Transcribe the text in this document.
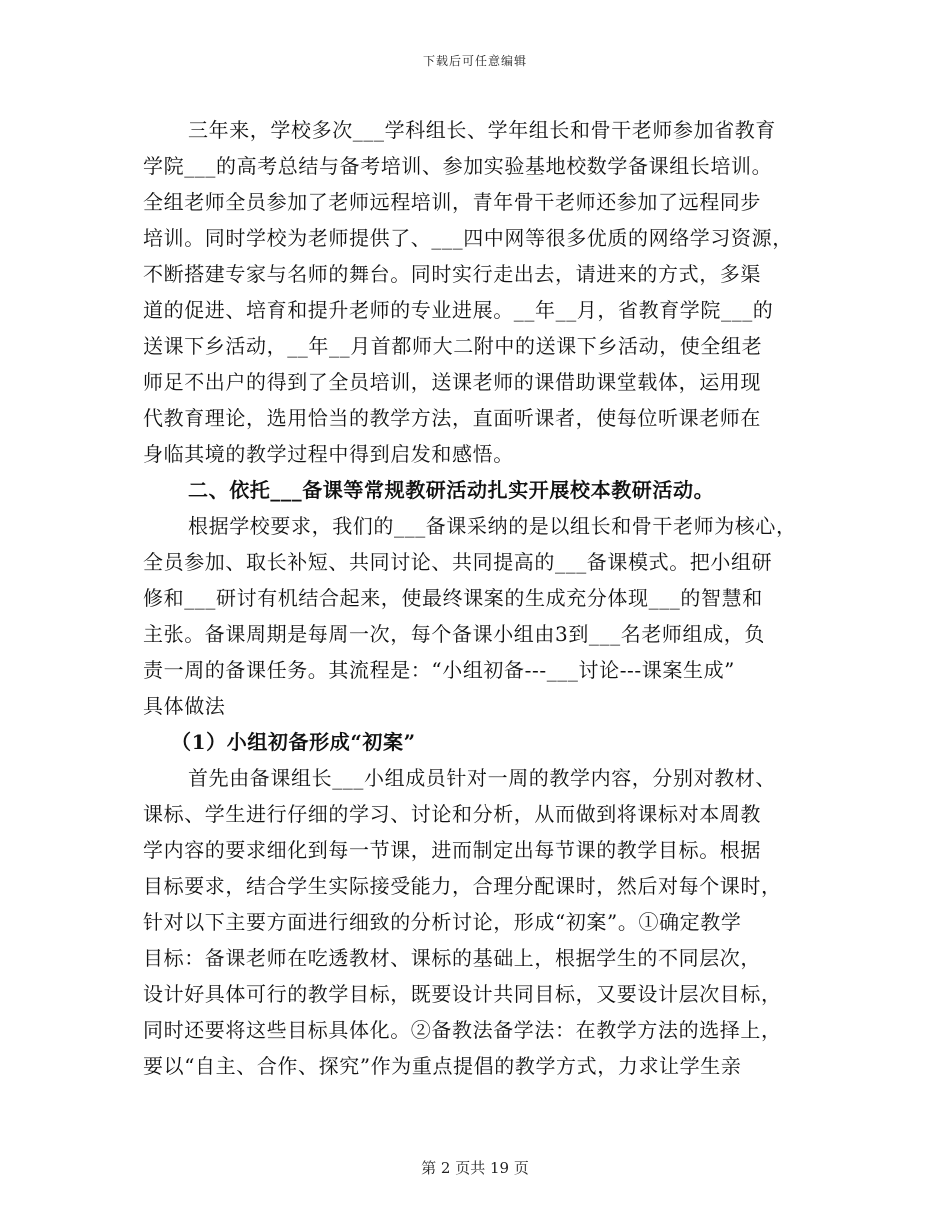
下载后可任意编辑
三年来，学校多次___学科组长、学年组长和骨干老师参加省教育
学院___的高考总结与备考培训、参加实验基地校数学备课组长培训。
全组老师全员参加了老师远程培训，青年骨干老师还参加了远程同步
培训。同时学校为老师提供了、___四中网等很多优质的网络学习资源，
不断搭建专家与名师的舞台。同时实行走出去，请进来的方式，多渠
道的促进、培育和提升老师的专业进展。__年__月，省教育学院___的
送课下乡活动，__年__月首都师大二附中的送课下乡活动，使全组老
师足不出户的得到了全员培训，送课老师的课借助课堂载体，运用现
代教育理论，选用恰当的教学方法，直面听课者，使每位听课老师在
身临其境的教学过程中得到启发和感悟。
二、依托___备课等常规教研活动扎实开展校本教研活动。
根据学校要求，我们的___备课采纳的是以组长和骨干老师为核心，
全员参加、取长补短、共同讨论、共同提高的___备课模式。把小组研
修和___研讨有机结合起来，使最终课案的生成充分体现___的智慧和
主张。备课周期是每周一次，每个备课小组由3到___名老师组成，负
责一周的备课任务。其流程是：“小组初备---___讨论---课案生成”
具体做法
（1）小组初备形成“初案”
首先由备课组长___小组成员针对一周的教学内容，分别对教材、
课标、学生进行仔细的学习、讨论和分析，从而做到将课标对本周教
学内容的要求细化到每一节课，进而制定出每节课的教学目标。根据
目标要求，结合学生实际接受能力，合理分配课时，然后对每个课时，
针对以下主要方面进行细致的分析讨论，形成“初案”。①确定教学
目标：备课老师在吃透教材、课标的基础上，根据学生的不同层次，
设计好具体可行的教学目标，既要设计共同目标，又要设计层次目标，
同时还要将这些目标具体化。②备教法备学法：在教学方法的选择上，
要以“自主、合作、探究”作为重点提倡的教学方式，力求让学生亲
第 2 页共 19 页
